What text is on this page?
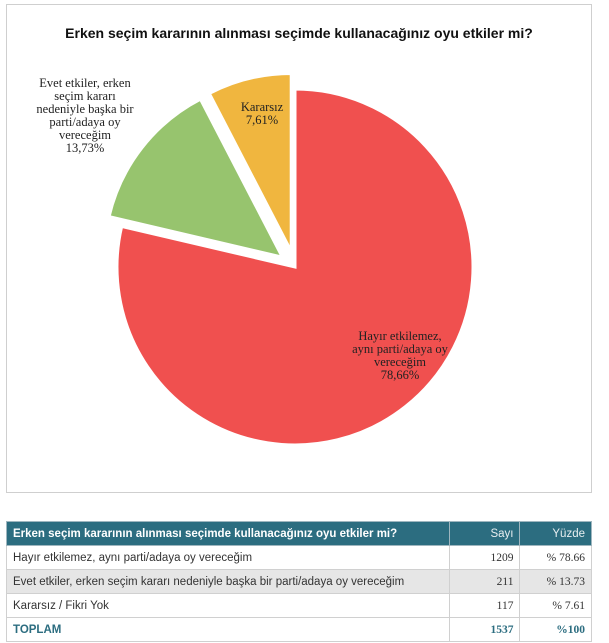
Erken seçim kararının alınması seçimde kullanacağınız oyu etkiler mi?
Hayır etkilemez, aynı parti/adaya oy vereceğim 78,66%
Evet etkiler, erken seçim kararı nedeniyle başka bir parti/adaya oy vereceğim 13,73%
Kararsız 7,61%
Erken seçim kararının alınması seçimde kullanacağınız oyu etkiler mi?	Sayı	Yüzde
Hayır etkilemez, aynı parti/adaya oy vereceğim	1209	% 78.66
Evet etkiler, erken seçim kararı nedeniyle başka bir parti/adaya oy vereceğim	211	% 13.73
Kararsız / Fikri Yok	117	% 7.61
TOPLAM	1537	%100
